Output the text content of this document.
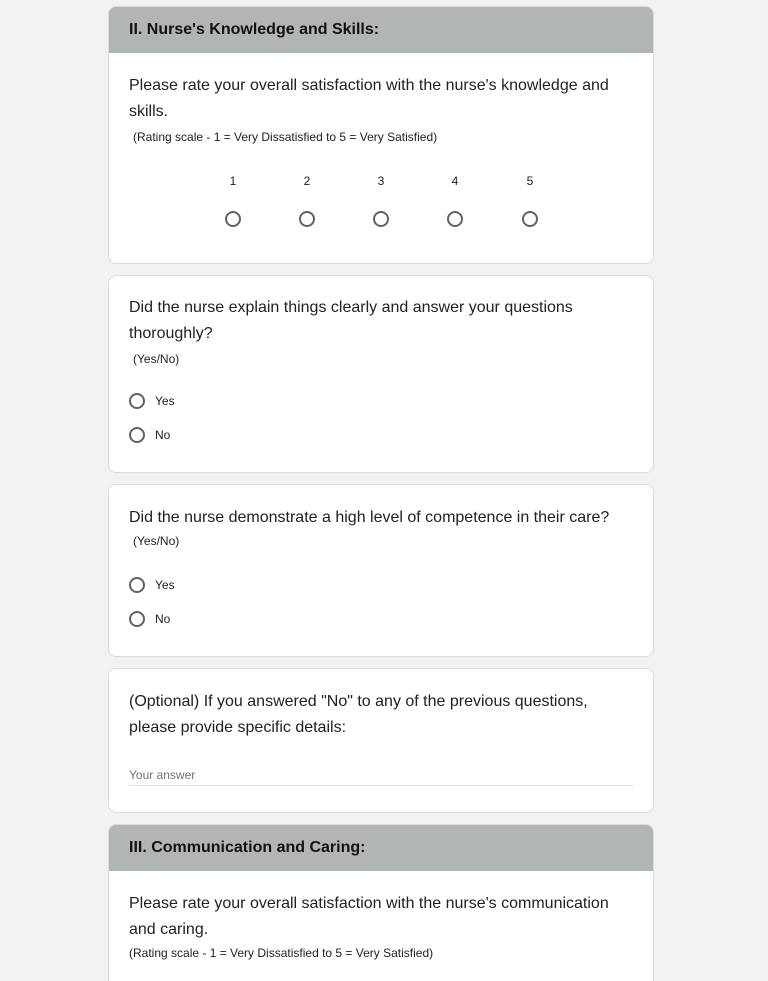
II. Nurse's Knowledge and Skills:
Please rate your overall satisfaction with the nurse's knowledge and skills.
(Rating scale - 1 = Very Dissatisfied to 5 = Very Satisfied)
1	2	3	4	5
Did the nurse explain things clearly and answer your questions thoroughly?
(Yes/No)
Yes
No
Did the nurse demonstrate a high level of competence in their care?
(Yes/No)
Yes
No
(Optional) If you answered "No" to any of the previous questions, please provide specific details:
Your answer
III. Communication and Caring:
Please rate your overall satisfaction with the nurse's communication and caring.
(Rating scale - 1 = Very Dissatisfied to 5 = Very Satisfied)
